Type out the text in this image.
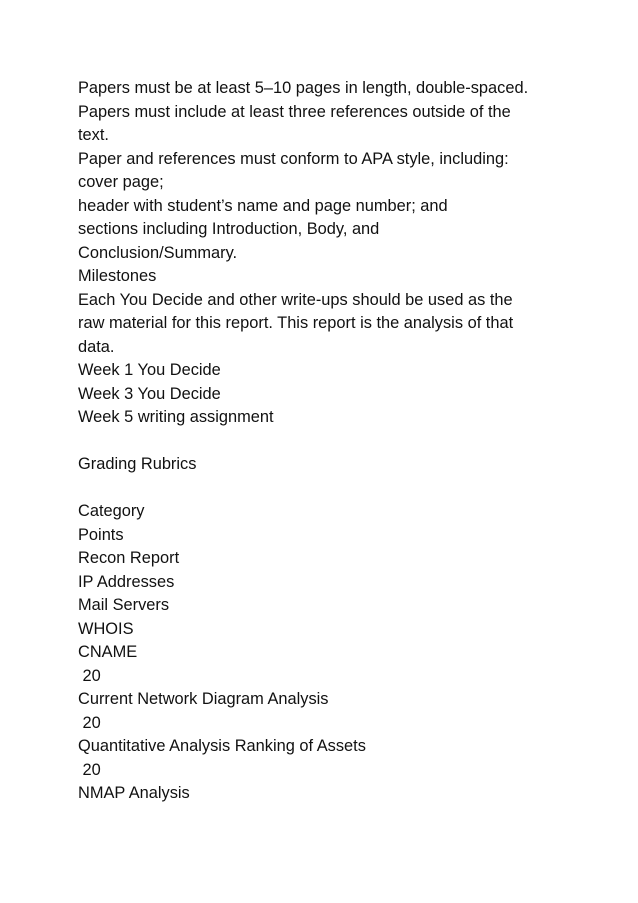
Papers must be at least 5–10 pages in length, double-spaced.
Papers must include at least three references outside of the
text.
Paper and references must conform to APA style, including:
cover page;
header with student’s name and page number; and
sections including Introduction, Body, and
Conclusion/Summary.
Milestones
Each You Decide and other write-ups should be used as the
raw material for this report. This report is the analysis of that
data.
Week 1 You Decide
Week 3 You Decide
Week 5 writing assignment
Grading Rubrics
Category
Points
Recon Report
IP Addresses
Mail Servers
WHOIS
CNAME
20
Current Network Diagram Analysis
20
Quantitative Analysis Ranking of Assets
20
NMAP Analysis
